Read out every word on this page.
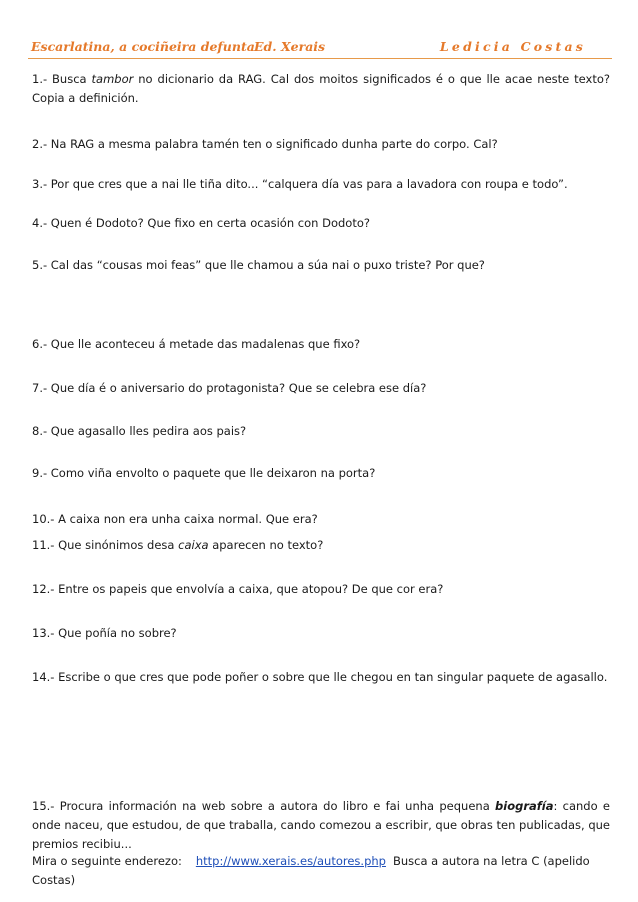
Escarlatina, a cociñeira defunta Ed. Xerais	Ledicia Costas

1.- Busca tambor no dicionario da RAG. Cal dos moitos significados é o que lle acae neste texto? Copia a definición.

2.- Na RAG a mesma palabra tamén ten o significado dunha parte do corpo. Cal?

3.- Por que cres que a nai lle tiña dito... “calquera día vas para a lavadora con roupa e todo”.

4.- Quen é Dodoto? Que fixo en certa ocasión con Dodoto?

5.- Cal das “cousas moi feas” que lle chamou a súa nai o puxo triste? Por que?

6.- Que lle aconteceu á metade das madalenas que fixo?

7.- Que día é o aniversario do protagonista? Que se celebra ese día?

8.- Que agasallo lles pedira aos pais?

9.- Como viña envolto o paquete que lle deixaron na porta?

10.- A caixa non era unha caixa normal. Que era?

11.- Que sinónimos desa caixa aparecen no texto?

12.- Entre os papeis que envolvía a caixa, que atopou? De que cor era?

13.- Que poñía no sobre?

14.- Escribe o que cres que pode poñer o sobre que lle chegou en tan singular paquete de agasallo.

15.- Procura información na web sobre a autora do libro e fai unha pequena biografía: cando e onde naceu, que estudou, de que traballa, cando comezou a escribir, que obras ten publicadas, que premios recibiu...

Mira o seguinte enderezo: http://www.xerais.es/autores.php Busca a autora na letra C (apelido Costas)
